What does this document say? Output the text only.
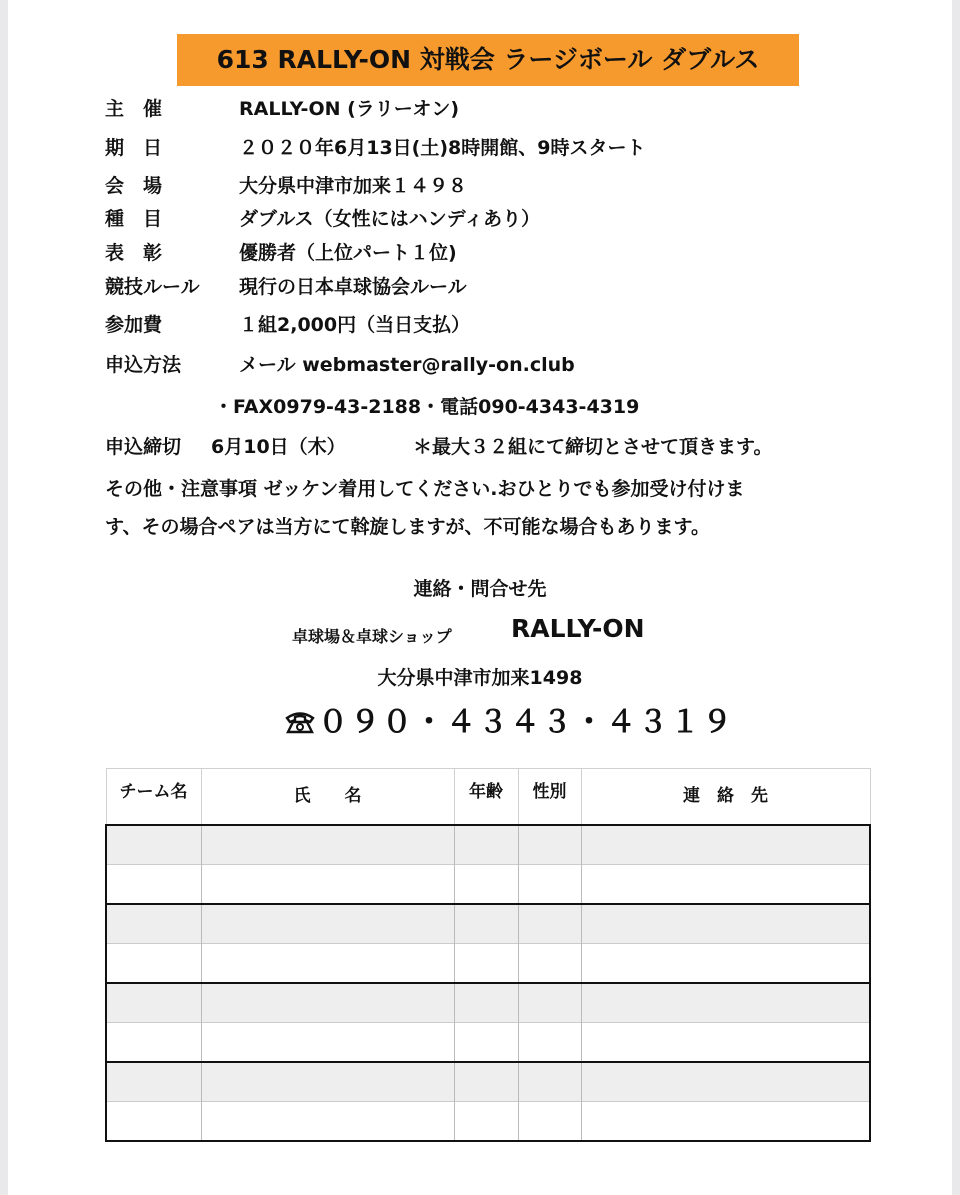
613 RALLY-ON 対戦会 ラージボール ダブルス
主　催	RALLY-ON (ラリーオン)
期　日	２０２０年6月13日(土)8時開館、9時スタート
会　場	大分県中津市加来１４９８
種　目	ダブルス（女性にはハンディあり）
表　彰	優勝者（上位パート１位)
競技ルール 現行の日本卓球協会ルール
参加費	１組2,000円（当日支払）
申込方法	メール webmaster@rally-on.club
・FAX0979-43-2188・電話090-4343-4319
申込締切 6月10日（木）	＊最大３２組にて締切とさせて頂きます。
その他・注意事項 ゼッケン着用してください.おひとりでも参加受け付けま
す、その場合ペアは当方にて斡旋しますが、不可能な場合もあります。
連絡・問合せ先
卓球場＆卓球ショップ RALLY-ON
大分県中津市加来1498
０９０・４３４３・４３１９
チーム名	氏　　名	年齢	性別	連　絡　先
